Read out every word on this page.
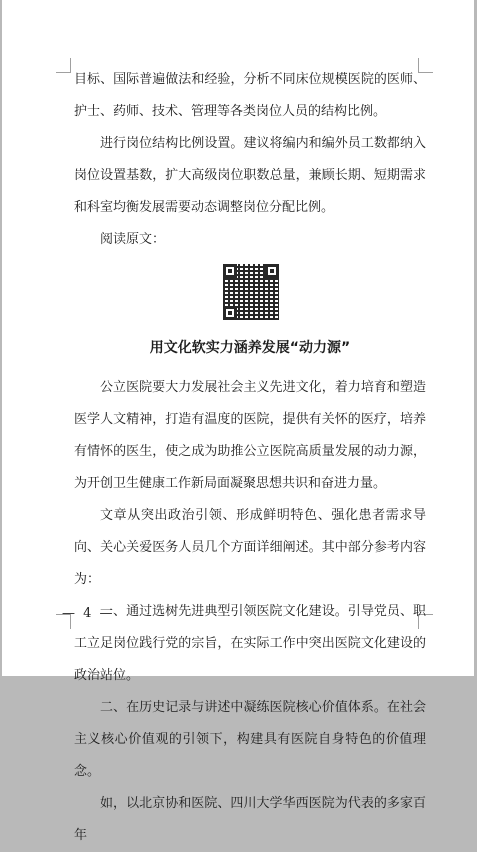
目标、国际普遍做法和经验，分析不同床位规模医院的医师、护士、药师、技术、管理等各类岗位人员的结构比例。

进行岗位结构比例设置。建议将编内和编外员工数都纳入岗位设置基数，扩大高级岗位职数总量，兼顾长期、短期需求和科室均衡发展需要动态调整岗位分配比例。

阅读原文：

用文化软实力涵养发展“动力源”

公立医院要大力发展社会主义先进文化，着力培育和塑造医学人文精神，打造有温度的医院，提供有关怀的医疗，培养有情怀的医生，使之成为助推公立医院高质量发展的动力源，为开创卫生健康工作新局面凝聚思想共识和奋进力量。

文章从突出政治引领、形成鲜明特色、强化患者需求导向、关心关爱医务人员几个方面详细阐述。其中部分参考内容为：

一、通过选树先进典型引领医院文化建设。引导党员、职工立足岗位践行党的宗旨，在实际工作中突出医院文化建设的政治站位。

二、在历史记录与讲述中凝练医院核心价值体系。在社会主义核心价值观的引领下，构建具有医院自身特色的价值理念。

如，以北京协和医院、四川大学华西医院为代表的多家百年

— 4 —
